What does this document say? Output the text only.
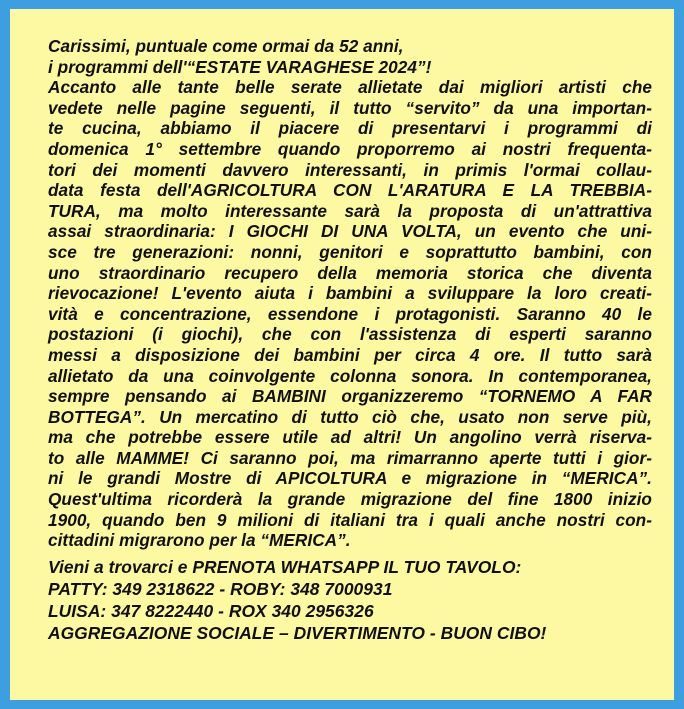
Carissimi, puntuale come ormai da 52 anni,
i programmi dell'“ESTATE VARAGHESE 2024”!
Accanto alle tante belle serate allietate dai migliori artisti che
vedete nelle pagine seguenti, il tutto “servito” da una importan-
te cucina, abbiamo il piacere di presentarvi i programmi di
domenica 1° settembre quando proporremo ai nostri frequenta-
tori dei momenti davvero interessanti, in primis l'ormai collau-
data festa dell'AGRICOLTURA CON L'ARATURA E LA TREBBIA-
TURA, ma molto interessante sarà la proposta di un'attrattiva
assai straordinaria: I GIOCHI DI UNA VOLTA, un evento che uni-
sce tre generazioni: nonni, genitori e soprattutto bambini, con
uno straordinario recupero della memoria storica che diventa
rievocazione! L'evento aiuta i bambini a sviluppare la loro creati-
vità e concentrazione, essendone i protagonisti. Saranno 40 le
postazioni (i giochi), che con l'assistenza di esperti saranno
messi a disposizione dei bambini per circa 4 ore. Il tutto sarà
allietato da una coinvolgente colonna sonora. In contemporanea,
sempre pensando ai BAMBINI organizzeremo “TORNEMO A FAR
BOTTEGA”. Un mercatino di tutto ciò che, usato non serve più,
ma che potrebbe essere utile ad altri! Un angolino verrà riserva-
to alle MAMME! Ci saranno poi, ma rimarranno aperte tutti i gior-
ni le grandi Mostre di APICOLTURA e migrazione in “MERICA”.
Quest'ultima ricorderà la grande migrazione del fine 1800 inizio
1900, quando ben 9 milioni di italiani tra i quali anche nostri con-
cittadini migrarono per la “MERICA”.
Vieni a trovarci e PRENOTA WHATSAPP IL TUO TAVOLO:
PATTY: 349 2318622 - ROBY: 348 7000931
LUISA: 347 8222440 - ROX 340 2956326
AGGREGAZIONE SOCIALE – DIVERTIMENTO - BUON CIBO!
